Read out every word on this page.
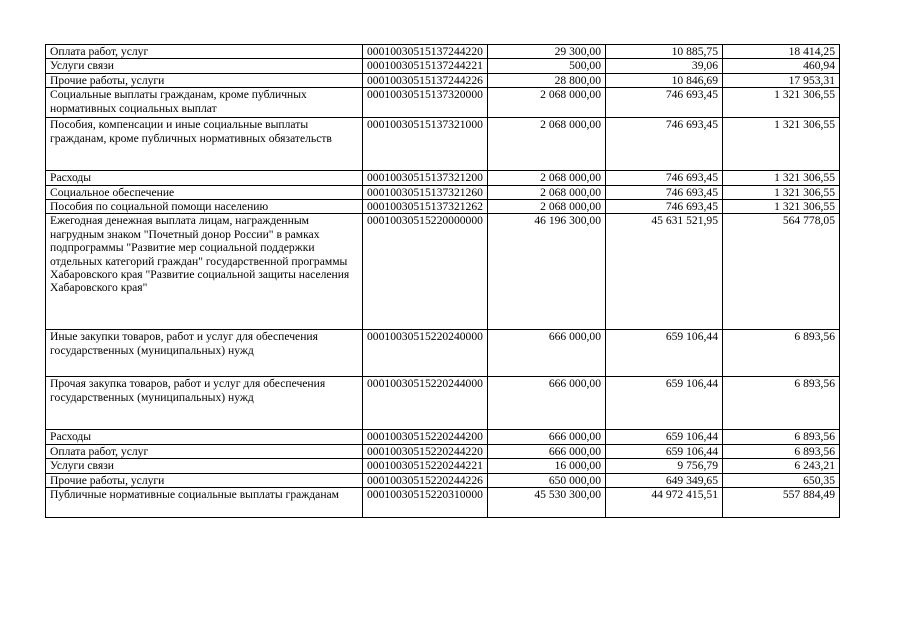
Оплата работ, услуг	00010030515137244220	29 300,00	10 885,75	18 414,25
Услуги связи	00010030515137244221	500,00	39,06	460,94
Прочие работы, услуги	00010030515137244226	28 800,00	10 846,69	17 953,31
Социальные выплаты гражданам, кроме публичных нормативных социальных выплат	00010030515137320000	2 068 000,00	746 693,45	1 321 306,55
Пособия, компенсации и иные социальные выплаты гражданам, кроме публичных нормативных обязательств	00010030515137321000	2 068 000,00	746 693,45	1 321 306,55
Расходы	00010030515137321200	2 068 000,00	746 693,45	1 321 306,55
Социальное обеспечение	00010030515137321260	2 068 000,00	746 693,45	1 321 306,55
Пособия по социальной помощи населению	00010030515137321262	2 068 000,00	746 693,45	1 321 306,55
Ежегодная денежная выплата лицам, награжденным нагрудным знаком "Почетный донор России" в рамках подпрограммы "Развитие мер социальной поддержки отдельных категорий граждан" государственной программы Хабаровского края "Развитие социальной защиты населения Хабаровского края"	00010030515220000000	46 196 300,00	45 631 521,95	564 778,05
Иные закупки товаров, работ и услуг для обеспечения государственных (муниципальных) нужд	00010030515220240000	666 000,00	659 106,44	6 893,56
Прочая закупка товаров, работ и услуг для обеспечения государственных (муниципальных) нужд	00010030515220244000	666 000,00	659 106,44	6 893,56
Расходы	00010030515220244200	666 000,00	659 106,44	6 893,56
Оплата работ, услуг	00010030515220244220	666 000,00	659 106,44	6 893,56
Услуги связи	00010030515220244221	16 000,00	9 756,79	6 243,21
Прочие работы, услуги	00010030515220244226	650 000,00	649 349,65	650,35
Публичные нормативные социальные выплаты гражданам	00010030515220310000	45 530 300,00	44 972 415,51	557 884,49
